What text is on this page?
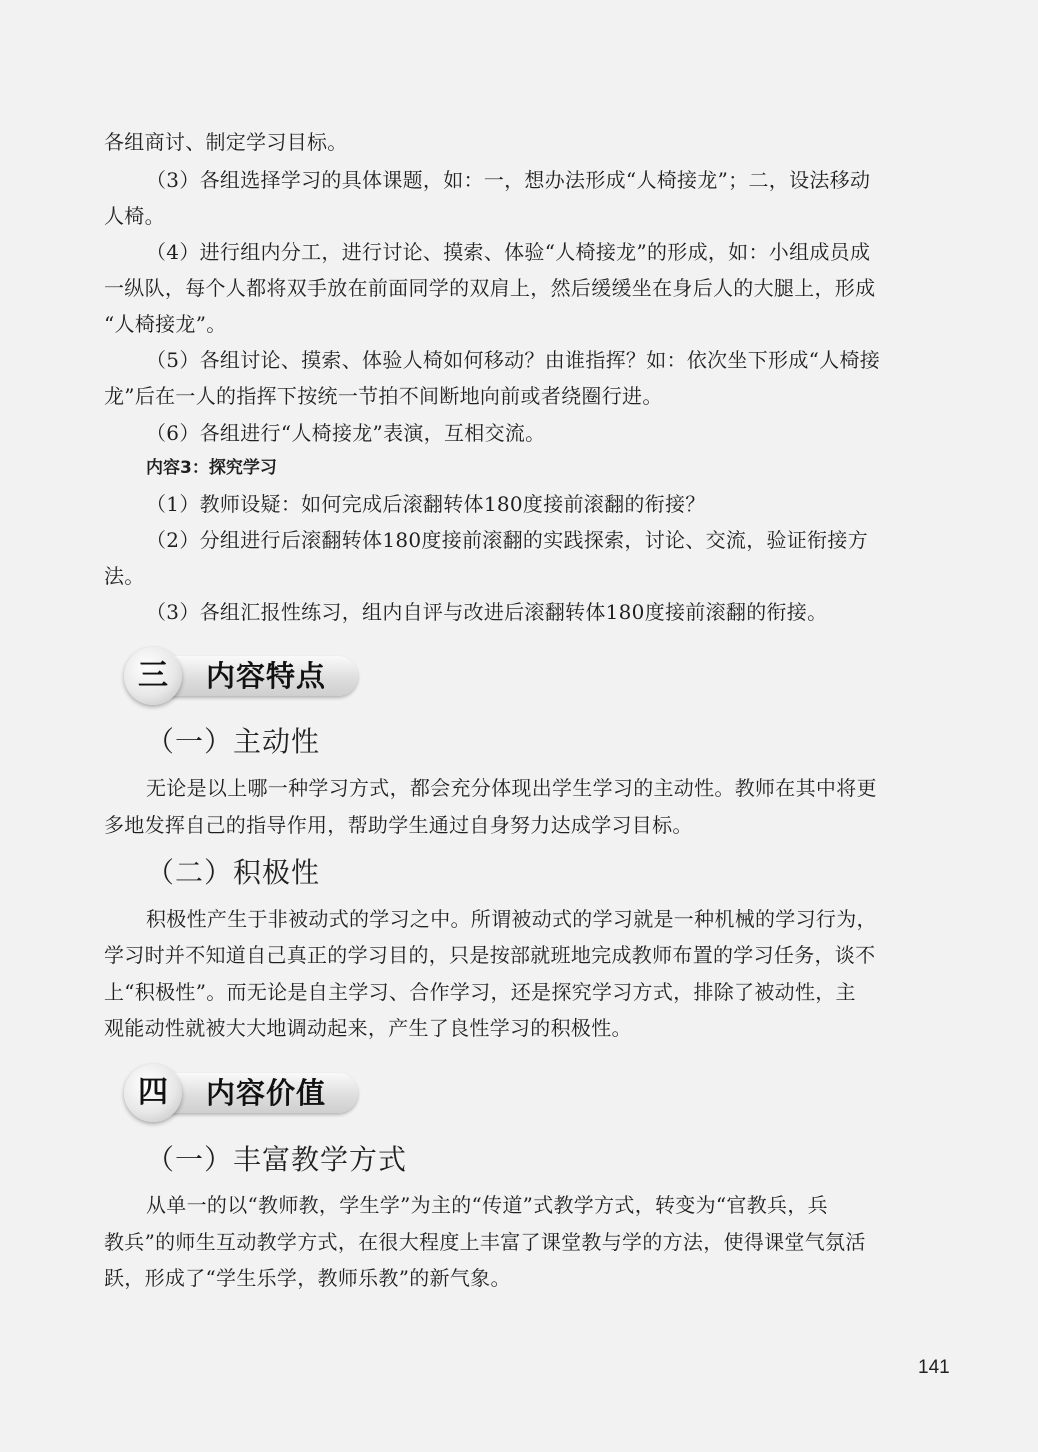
各组商讨、制定学习目标。
（3）各组选择学习的具体课题，如：一，想办法形成“人椅接龙”；二，设法移动
人椅。
（4）进行组内分工，进行讨论、摸索、体验“人椅接龙”的形成，如：小组成员成
一纵队，每个人都将双手放在前面同学的双肩上，然后缓缓坐在身后人的大腿上，形成
“人椅接龙”。
（5）各组讨论、摸索、体验人椅如何移动？由谁指挥？如：依次坐下形成“人椅接
龙”后在一人的指挥下按统一节拍不间断地向前或者绕圈行进。
（6）各组进行“人椅接龙”表演，互相交流。
内容3：探究学习
（1）教师设疑：如何完成后滚翻转体180度接前滚翻的衔接？
（2）分组进行后滚翻转体180度接前滚翻的实践探索，讨论、交流，验证衔接方
法。
（3）各组汇报性练习，组内自评与改进后滚翻转体180度接前滚翻的衔接。
三	内容特点
（一）主动性
无论是以上哪一种学习方式，都会充分体现出学生学习的主动性。教师在其中将更
多地发挥自己的指导作用，帮助学生通过自身努力达成学习目标。
（二）积极性
积极性产生于非被动式的学习之中。所谓被动式的学习就是一种机械的学习行为，
学习时并不知道自己真正的学习目的，只是按部就班地完成教师布置的学习任务，谈不
上“积极性”。而无论是自主学习、合作学习，还是探究学习方式，排除了被动性，主
观能动性就被大大地调动起来，产生了良性学习的积极性。
四	内容价值
（一）丰富教学方式
从单一的以“教师教，学生学”为主的“传道”式教学方式，转变为“官教兵，兵
教兵”的师生互动教学方式，在很大程度上丰富了课堂教与学的方法，使得课堂气氛活
跃，形成了“学生乐学，教师乐教”的新气象。
141
